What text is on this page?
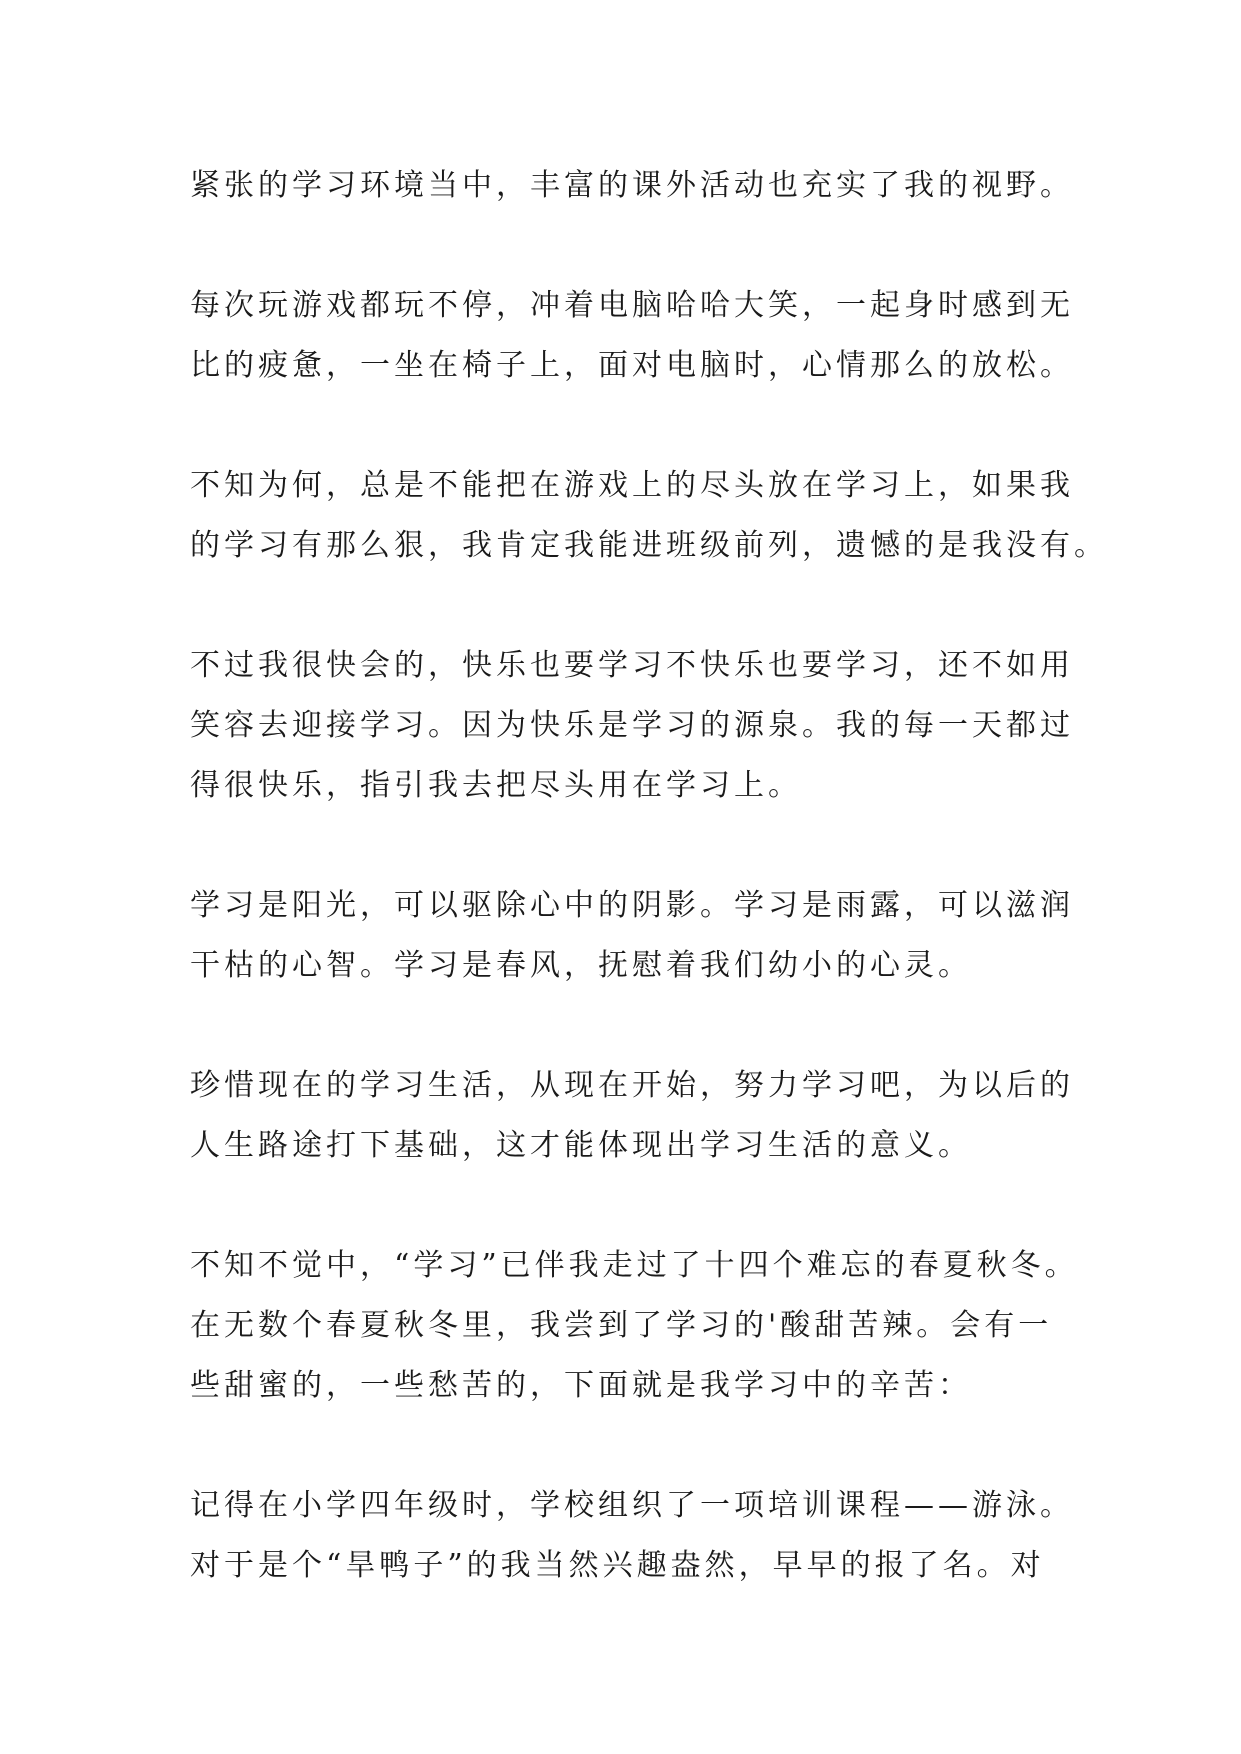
紧张的学习环境当中，丰富的课外活动也充实了我的视野。

每次玩游戏都玩不停，冲着电脑哈哈大笑，一起身时感到无
比的疲惫，一坐在椅子上，面对电脑时，心情那么的放松。

不知为何，总是不能把在游戏上的尽头放在学习上，如果我
的学习有那么狠，我肯定我能进班级前列，遗憾的是我没有。

不过我很快会的，快乐也要学习不快乐也要学习，还不如用
笑容去迎接学习。因为快乐是学习的源泉。我的每一天都过
得很快乐，指引我去把尽头用在学习上。

学习是阳光，可以驱除心中的阴影。学习是雨露，可以滋润
干枯的心智。学习是春风，抚慰着我们幼小的心灵。

珍惜现在的学习生活，从现在开始，努力学习吧，为以后的
人生路途打下基础，这才能体现出学习生活的意义。

不知不觉中，“学习”已伴我走过了十四个难忘的春夏秋冬。
在无数个春夏秋冬里，我尝到了学习的'酸甜苦辣。会有一
些甜蜜的，一些愁苦的，下面就是我学习中的辛苦：

记得在小学四年级时，学校组织了一项培训课程——游泳。
对于是个“旱鸭子”的我当然兴趣盎然，早早的报了名。对
